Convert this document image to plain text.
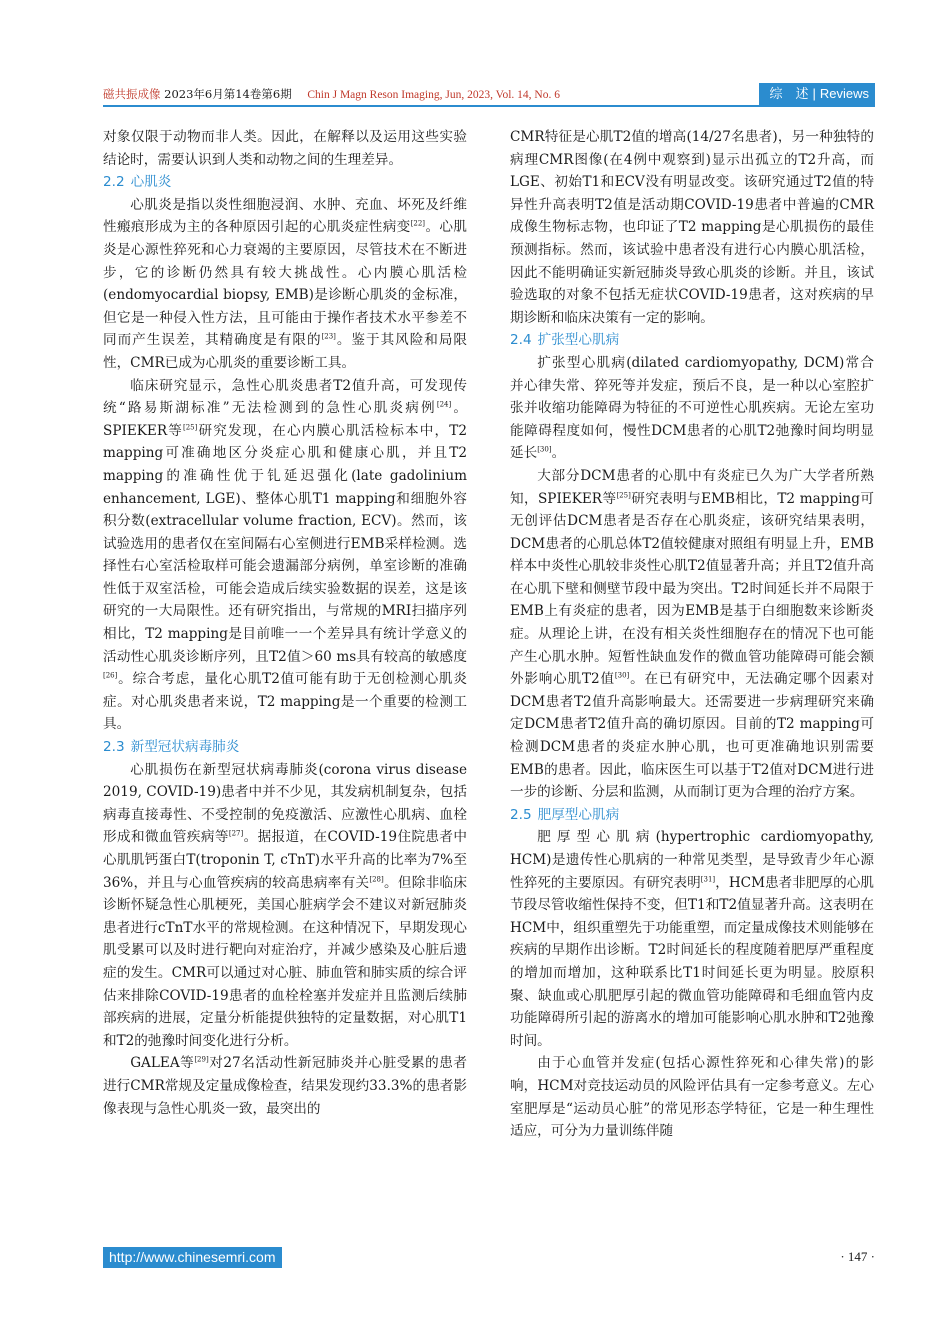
磁共振成像 2023年6月第14卷第6期 Chin J Magn Reson Imaging, Jun, 2023, Vol. 14, No. 6	综　述 | Reviews

对象仅限于动物而非人类。因此，在解释以及运用这些实验结论时，需要认识到人类和动物之间的生理差异。

2.2 心肌炎

心肌炎是指以炎性细胞浸润、水肿、充血、坏死及纤维性瘢痕形成为主的各种原因引起的心肌炎症性病变[22]。心肌炎是心源性猝死和心力衰竭的主要原因，尽管技术在不断进步，它的诊断仍然具有较大挑战性。心内膜心肌活检(endomyocardial biopsy, EMB)是诊断心肌炎的金标准，但它是一种侵入性方法，且可能由于操作者技术水平参差不同而产生误差，其精确度是有限的[23]。鉴于其风险和局限性，CMR已成为心肌炎的重要诊断工具。

临床研究显示，急性心肌炎患者T2值升高，可发现传统“路易斯湖标准”无法检测到的急性心肌炎病例[24]。SPIEKER等[25]研究发现，在心内膜心肌活检标本中，T2 mapping可准确地区分炎症心肌和健康心肌，并且T2 mapping的准确性优于钆延迟强化(late gadolinium enhancement, LGE)、整体心肌T1 mapping和细胞外容积分数(extracellular volume fraction, ECV)。然而，该试验选用的患者仅在室间隔右心室侧进行EMB采样检测。选择性右心室活检取样可能会遗漏部分病例，单室诊断的准确性低于双室活检，可能会造成后续实验数据的误差，这是该研究的一大局限性。还有研究指出，与常规的MRI扫描序列相比，T2 mapping是目前唯一一个差异具有统计学意义的活动性心肌炎诊断序列，且T2值＞60 ms具有较高的敏感度[26]。综合考虑，量化心肌T2值可能有助于无创检测心肌炎症。对心肌炎患者来说，T2 mapping是一个重要的检测工具。

2.3 新型冠状病毒肺炎

心肌损伤在新型冠状病毒肺炎(corona virus disease 2019, COVID-19)患者中并不少见，其发病机制复杂，包括病毒直接毒性、不受控制的免疫激活、应激性心肌病、血栓形成和微血管疾病等[27]。据报道，在COVID-19住院患者中心肌肌钙蛋白T(troponin T, cTnT)水平升高的比率为7%至36%，并且与心血管疾病的较高患病率有关[28]。但除非临床诊断怀疑急性心肌梗死，美国心脏病学会不建议对新冠肺炎患者进行cTnT水平的常规检测。在这种情况下，早期发现心肌受累可以及时进行靶向对症治疗，并减少感染及心脏后遗症的发生。CMR可以通过对心脏、肺血管和肺实质的综合评估来排除COVID-19患者的血栓栓塞并发症并且监测后续肺部疾病的进展，定量分析能提供独特的定量数据，对心肌T1和T2的弛豫时间变化进行分析。

GALEA等[29]对27名活动性新冠肺炎并心脏受累的患者进行CMR常规及定量成像检查，结果发现约33.3%的患者影像表现与急性心肌炎一致，最突出的

CMR特征是心肌T2值的增高(14/27名患者)，另一种独特的病理CMR图像(在4例中观察到)显示出孤立的T2升高，而LGE、初始T1和ECV没有明显改变。该研究通过T2值的特异性升高表明T2值是活动期COVID-19患者中普遍的CMR成像生物标志物，也印证了T2 mapping是心肌损伤的最佳预测指标。然而，该试验中患者没有进行心内膜心肌活检，因此不能明确证实新冠肺炎导致心肌炎的诊断。并且，该试验选取的对象不包括无症状COVID-19患者，这对疾病的早期诊断和临床决策有一定的影响。

2.4 扩张型心肌病

扩张型心肌病(dilated cardiomyopathy, DCM)常合并心律失常、猝死等并发症，预后不良，是一种以心室腔扩张并收缩功能障碍为特征的不可逆性心肌疾病。无论左室功能障碍程度如何，慢性DCM患者的心肌T2弛豫时间均明显延长[30]。

大部分DCM患者的心肌中有炎症已久为广大学者所熟知，SPIEKER等[25]研究表明与EMB相比，T2 mapping可无创评估DCM患者是否存在心肌炎症，该研究结果表明，DCM患者的心肌总体T2值较健康对照组有明显上升，EMB样本中炎性心肌较非炎性心肌T2值显著升高；并且T2值升高在心肌下壁和侧壁节段中最为突出。T2时间延长并不局限于EMB上有炎症的患者，因为EMB是基于白细胞数来诊断炎症。从理论上讲，在没有相关炎性细胞存在的情况下也可能产生心肌水肿。短暂性缺血发作的微血管功能障碍可能会额外影响心肌T2值[30]。在已有研究中，无法确定哪个因素对DCM患者T2值升高影响最大。还需要进一步病理研究来确定DCM患者T2值升高的确切原因。目前的T2 mapping可检测DCM患者的炎症水肿心肌，也可更准确地识别需要EMB的患者。因此，临床医生可以基于T2值对DCM进行进一步的诊断、分层和监测，从而制订更为合理的治疗方案。

2.5 肥厚型心肌病

肥厚型心肌病(hypertrophic cardiomyopathy, HCM)是遗传性心肌病的一种常见类型，是导致青少年心源性猝死的主要原因。有研究表明[31]，HCM患者非肥厚的心肌节段尽管收缩性保持不变，但T1和T2值显著升高。这表明在HCM中，组织重塑先于功能重塑，而定量成像技术则能够在疾病的早期作出诊断。T2时间延长的程度随着肥厚严重程度的增加而增加，这种联系比T1时间延长更为明显。胶原积聚、缺血或心肌肥厚引起的微血管功能障碍和毛细血管内皮功能障碍所引起的游离水的增加可能影响心肌水肿和T2弛豫时间。

由于心血管并发症(包括心源性猝死和心律失常)的影响，HCM对竞技运动员的风险评估具有一定参考意义。左心室肥厚是“运动员心脏”的常见形态学特征，它是一种生理性适应，可分为力量训练伴随

http://www.chinesemri.com	· 147 ·
